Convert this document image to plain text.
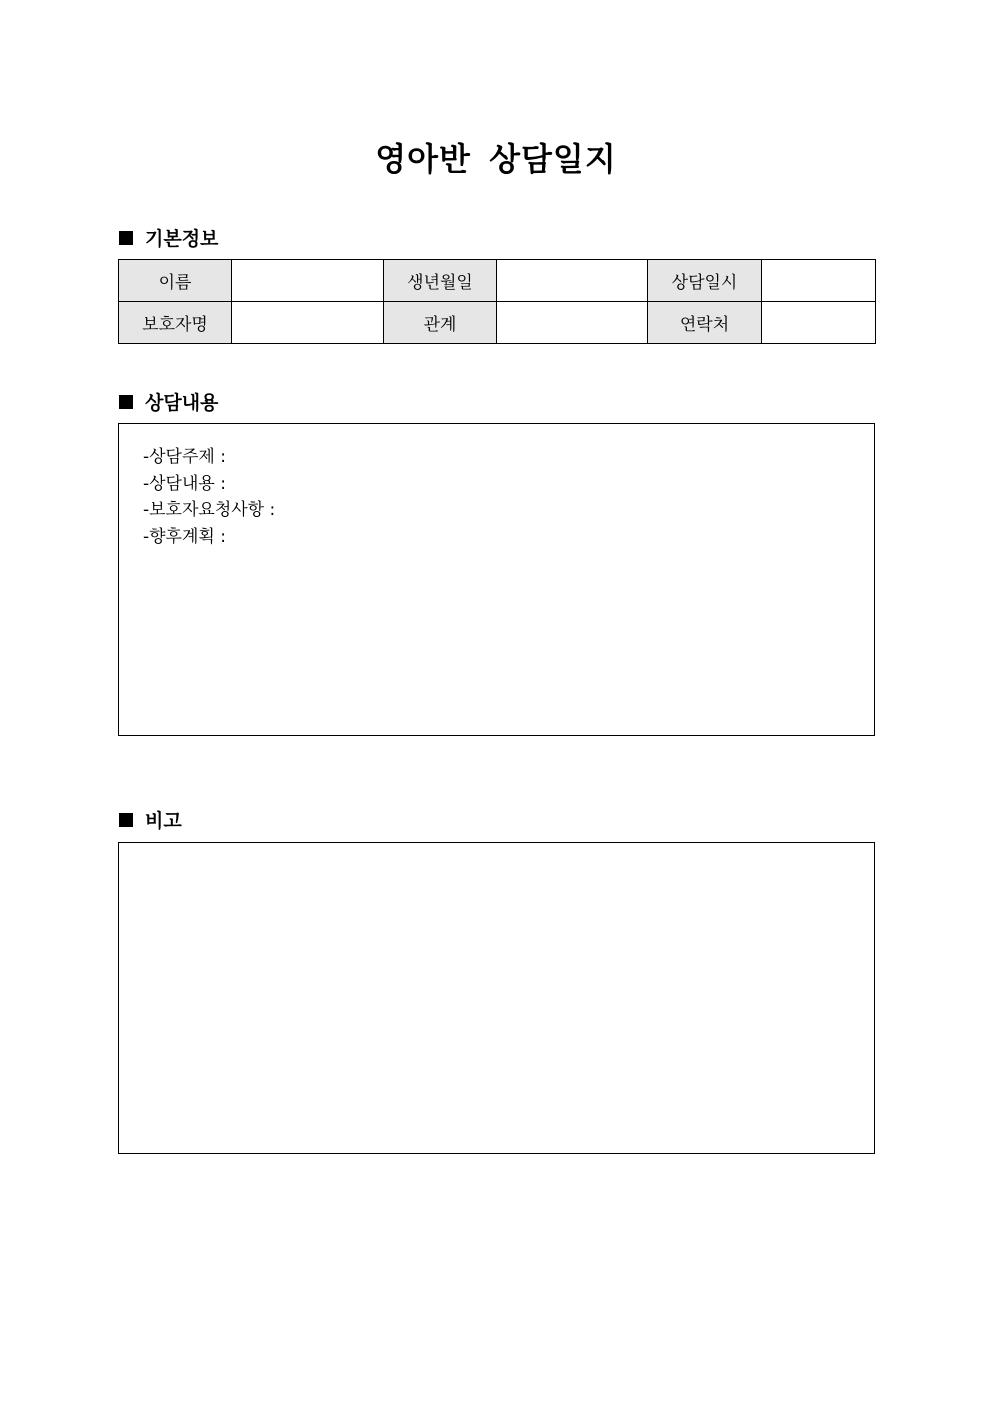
영아반 상담일지
기본정보
이름		생년월일		상담일시	
보호자명		관계		연락처	
상담내용
-상담주제 :
-상담내용 :
-보호자요청사항 :
-향후계획 :
비고
